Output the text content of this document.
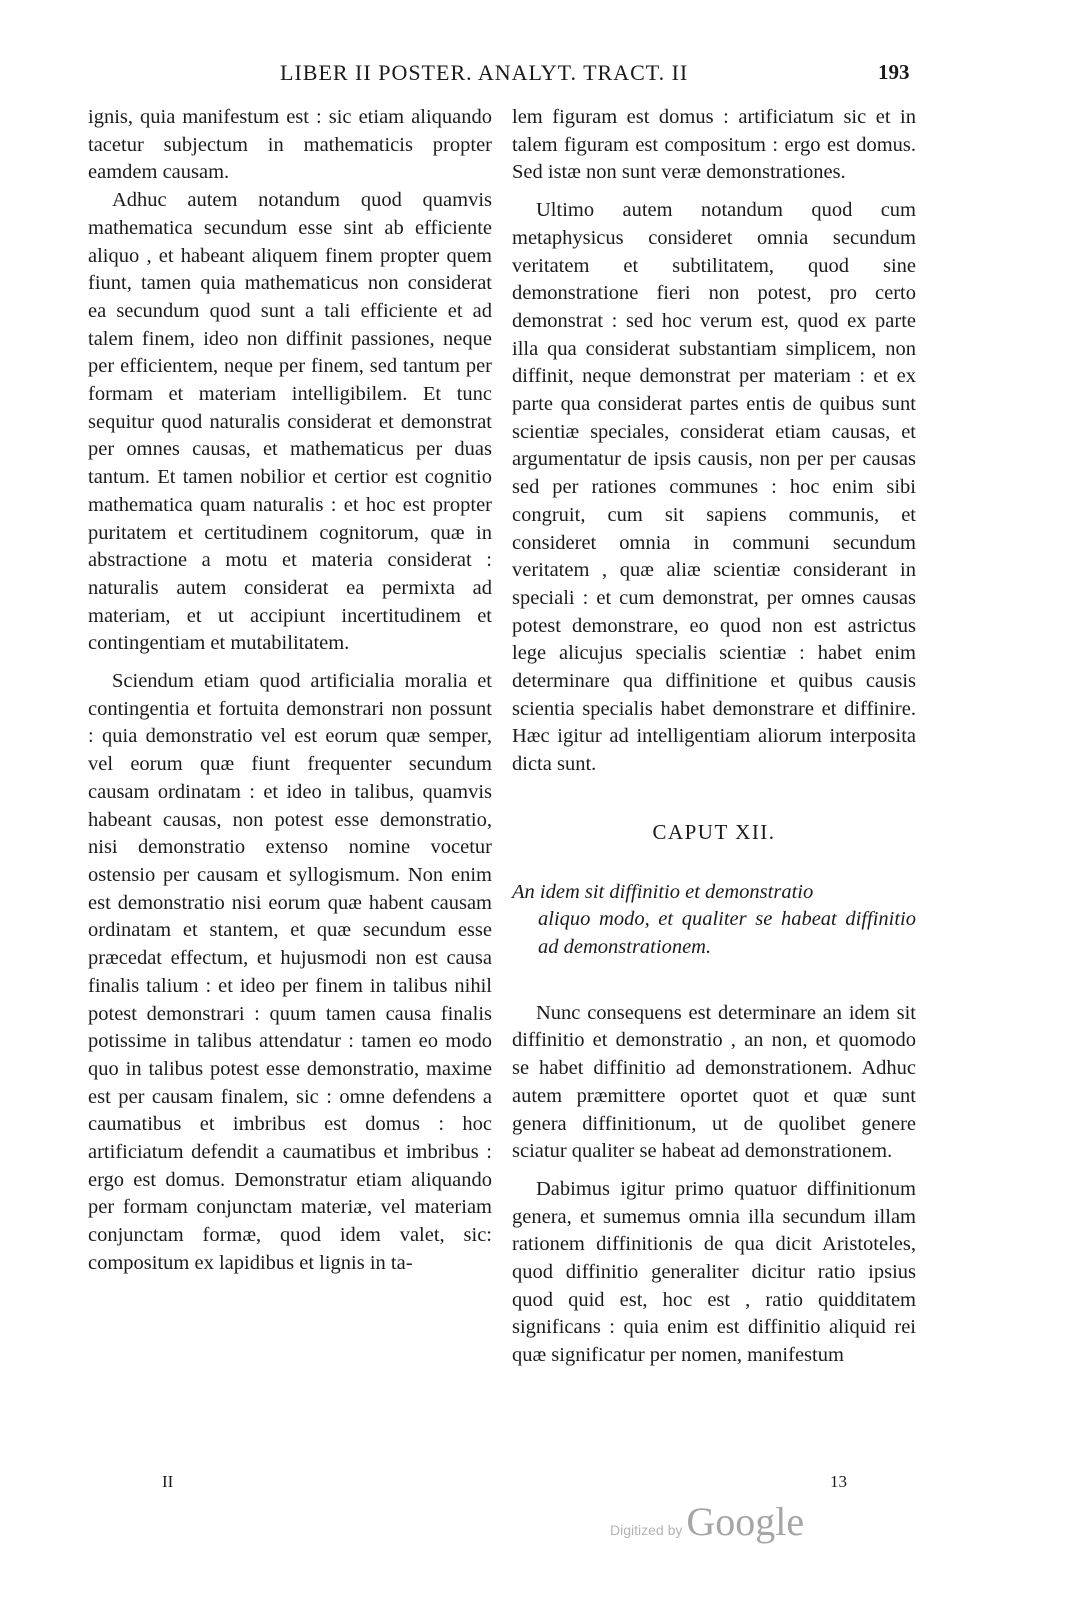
LIBER II POSTER. ANALYT. TRACT. II	193

ignis, quia manifestum est : sic etiam aliquando tacetur subjectum in mathematicis propter eamdem causam.

Adhuc autem notandum quod quamvis mathematica secundum esse sint ab efficiente aliquo , et habeant aliquem finem propter quem fiunt, tamen quia mathematicus non considerat ea secundum quod sunt a tali efficiente et ad talem finem, ideo non diffinit passiones, neque per efficientem, neque per finem, sed tantum per formam et materiam intelligibilem. Et tunc sequitur quod naturalis considerat et demonstrat per omnes causas, et mathematicus per duas tantum. Et tamen nobilior et certior est cognitio mathematica quam naturalis : et hoc est propter puritatem et certitudinem cognitorum, quæ in abstractione a motu et materia considerat : naturalis autem considerat ea permixta ad materiam, et ut accipiunt incertitudinem et contingentiam et mutabilitatem.

Sciendum etiam quod artificialia moralia et contingentia et fortuita demonstrari non possunt : quia demonstratio vel est eorum quæ semper, vel eorum quæ fiunt frequenter secundum causam ordinatam : et ideo in talibus, quamvis habeant causas, non potest esse demonstratio, nisi demonstratio extenso nomine vocetur ostensio per causam et syllogismum. Non enim est demonstratio nisi eorum quæ habent causam ordinatam et stantem, et quæ secundum esse præcedat effectum, et hujusmodi non est causa finalis talium : et ideo per finem in talibus nihil potest demonstrari : quum tamen causa finalis potissime in talibus attendatur : tamen eo modo quo in talibus potest esse demonstratio, maxime est per causam finalem, sic : omne defendens a caumatibus et imbribus est domus : hoc artificiatum defendit a caumatibus et imbribus : ergo est domus. Demonstratur etiam aliquando per formam conjunctam materiæ, vel materiam conjunctam formæ, quod idem valet, sic: compositum ex lapidibus et lignis in ta-

lem figuram est domus : artificiatum sic et in talem figuram est compositum : ergo est domus. Sed istæ non sunt veræ demonstrationes.

Ultimo autem notandum quod cum metaphysicus consideret omnia secundum veritatem et subtilitatem, quod sine demonstratione fieri non potest, pro certo demonstrat : sed hoc verum est, quod ex parte illa qua considerat substantiam simplicem, non diffinit, neque demonstrat per materiam : et ex parte qua considerat partes entis de quibus sunt scientiæ speciales, considerat etiam causas, et argumentatur de ipsis causis, non per per causas sed per rationes communes : hoc enim sibi congruit, cum sit sapiens communis, et consideret omnia in communi secundum veritatem , quæ aliæ scientiæ considerant in speciali : et cum demonstrat, per omnes causas potest demonstrare, eo quod non est astrictus lege alicujus specialis scientiæ : habet enim determinare qua diffinitione et quibus causis scientia specialis habet demonstrare et diffinire. Hæc igitur ad intelligentiam aliorum interposita dicta sunt.

CAPUT XII.
An idem sit diffinitio et demonstratio
aliquo modo, et qualiter se habeat diffinitio ad demonstrationem.

Nunc consequens est determinare an idem sit diffinitio et demonstratio , an non, et quomodo se habet diffinitio ad demonstrationem. Adhuc autem præmittere oportet quot et quæ sunt genera diffinitionum, ut de quolibet genere sciatur qualiter se habeat ad demonstrationem.

Dabimus igitur primo quatuor diffinitionum genera, et sumemus omnia illa secundum illam rationem diffinitionis de qua dicit Aristoteles, quod diffinitio generaliter dicitur ratio ipsius quod quid est, hoc est , ratio quidditatem significans : quia enim est diffinitio aliquid rei quæ significatur per nomen, manifestum

II	13
Digitized by Google
